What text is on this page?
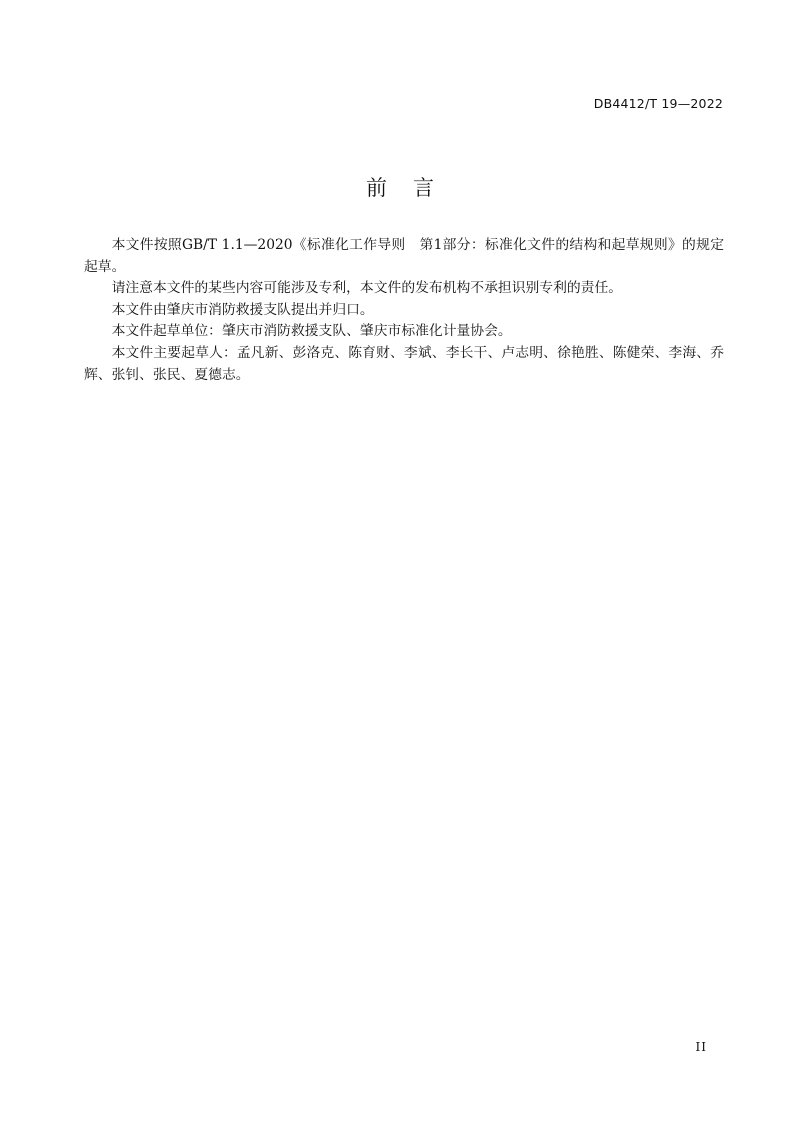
DB4412/T 19—2022
前言

本文件按照GB/T 1.1—2020《标准化工作导则　第1部分：标准化文件的结构和起草规则》的规定起草。

请注意本文件的某些内容可能涉及专利，本文件的发布机构不承担识别专利的责任。

本文件由肇庆市消防救援支队提出并归口。

本文件起草单位：肇庆市消防救援支队、肇庆市标准化计量协会。

本文件主要起草人：孟凡新、彭洛克、陈育财、李斌、李长干、卢志明、徐艳胜、陈健荣、李海、乔辉、张钊、张民、夏德志。

II
